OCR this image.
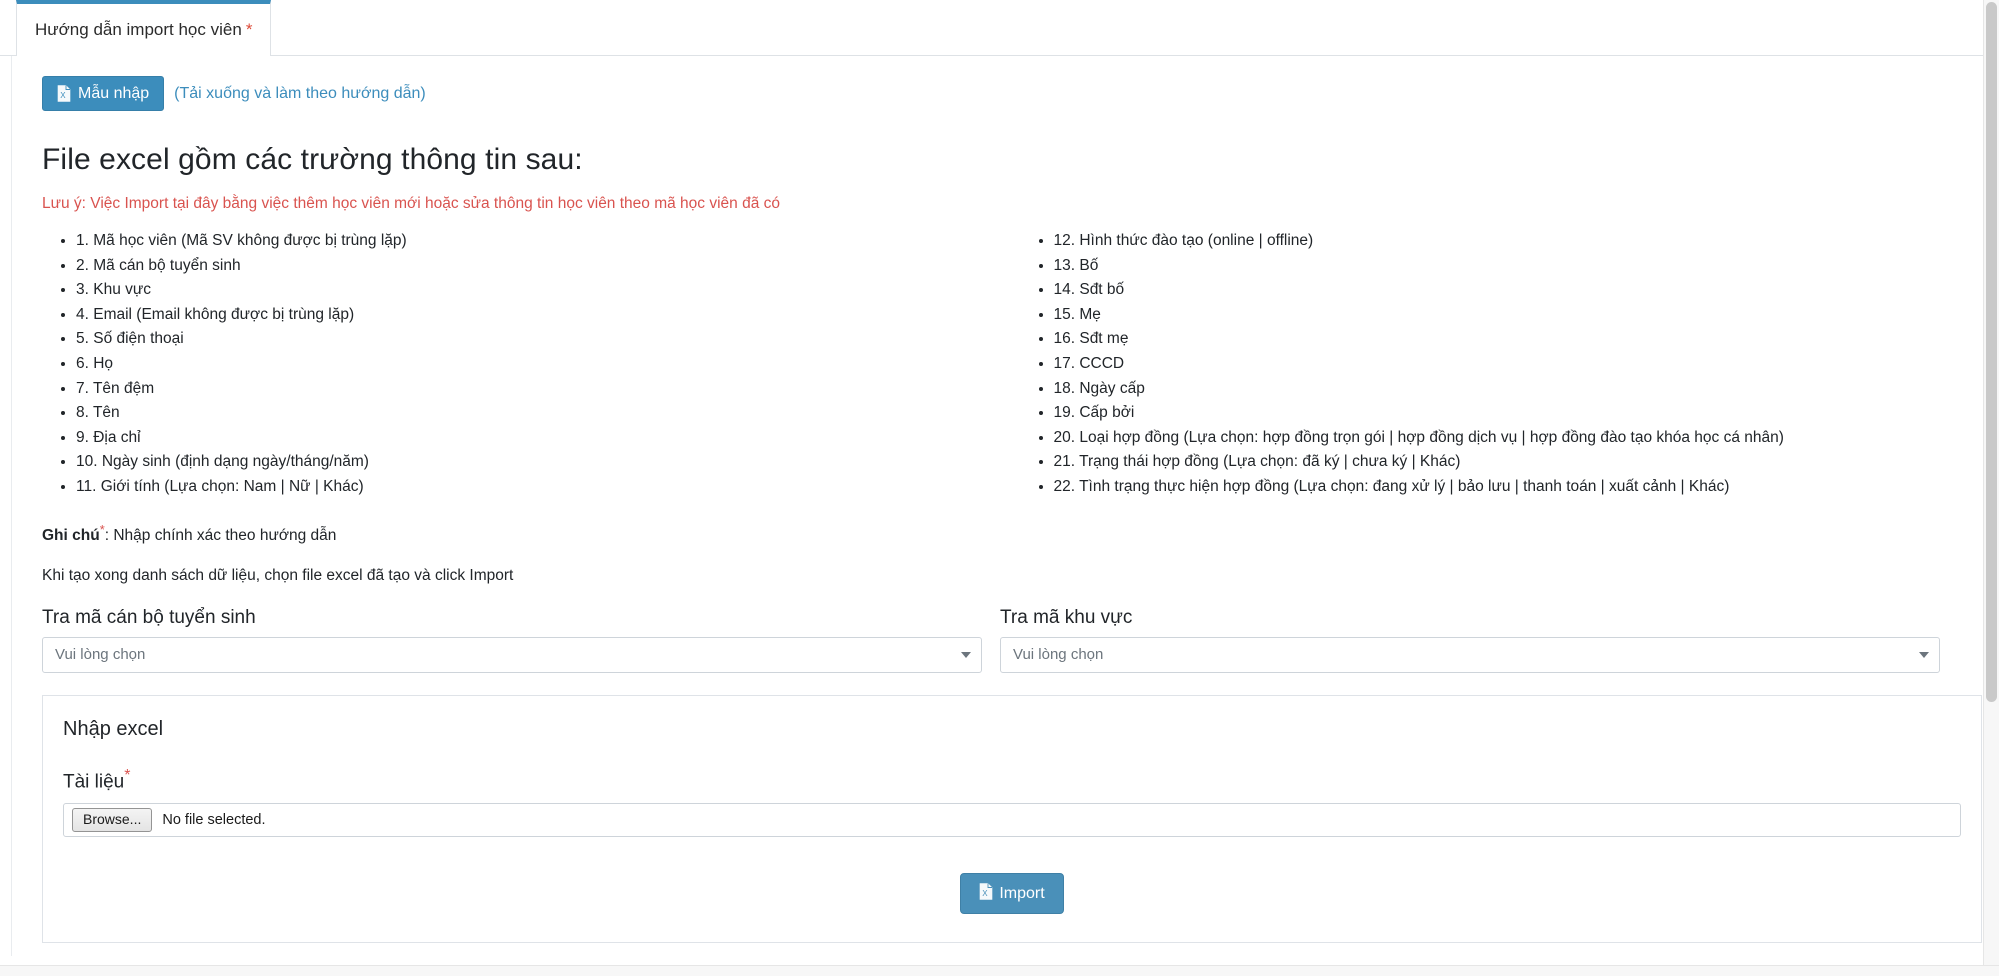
Hướng dẫn import học viên *
X Mẫu nhập (Tải xuống và làm theo hướng dẫn)
File excel gồm các trường thông tin sau:
Lưu ý: Việc Import tại đây bằng việc thêm học viên mới hoặc sửa thông tin học viên theo mã học viên đã có
• 1. Mã học viên (Mã SV không được bị trùng lặp)
• 2. Mã cán bộ tuyển sinh
• 3. Khu vực
• 4. Email (Email không được bị trùng lặp)
• 5. Số điện thoại
• 6. Họ
• 7. Tên đệm
• 8. Tên
• 9. Địa chỉ
• 10. Ngày sinh (định dạng ngày/tháng/năm)
• 11. Giới tính (Lựa chọn: Nam | Nữ | Khác)
• 12. Hình thức đào tạo (online | offline)
• 13. Bố
• 14. Sđt bố
• 15. Mẹ
• 16. Sđt mẹ
• 17. CCCD
• 18. Ngày cấp
• 19. Cấp bởi
• 20. Loại hợp đồng (Lựa chọn: hợp đồng trọn gói | hợp đồng dịch vụ | hợp đồng đào tạo khóa học cá nhân)
• 21. Trạng thái hợp đồng (Lựa chọn: đã ký | chưa ký | Khác)
• 22. Tình trạng thực hiện hợp đồng (Lựa chọn: đang xử lý | bảo lưu | thanh toán | xuất cảnh | Khác)
Ghi chú*: Nhập chính xác theo hướng dẫn
Khi tạo xong danh sách dữ liệu, chọn file excel đã tạo và click Import
Tra mã cán bộ tuyển sinh
Vui lòng chọn
Tra mã khu vực
Vui lòng chọn
Nhập excel
Tài liệu*
Browse...	No file selected.
X Import
